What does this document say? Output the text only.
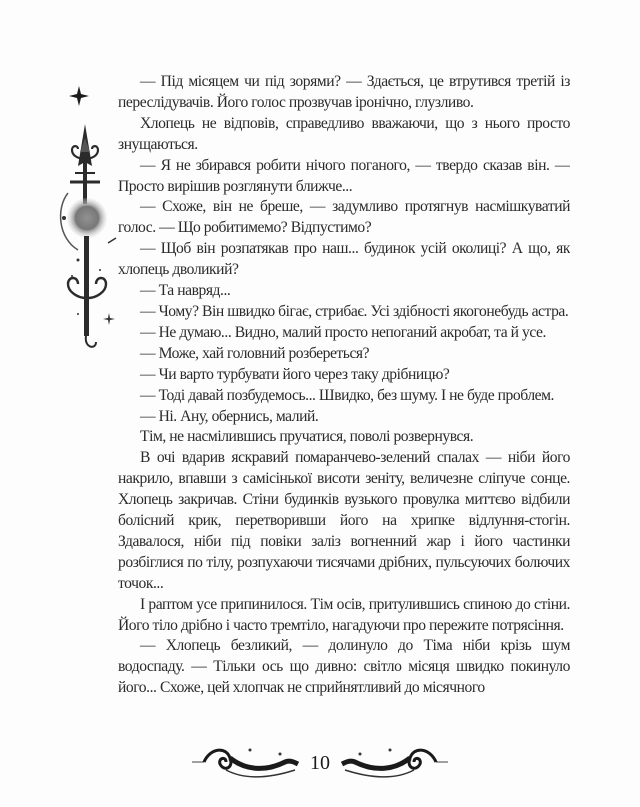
— Під місяцем чи під зорями? — Здається, це втрутився третій із переслідувачів. Його голос прозвучав іронічно, глузливо.

Хлопець не відповів, справедливо вважаючи, що з нього просто знущаються.

— Я не збирався робити нічого поганого, — твердо сказав він. — Просто вирішив розглянути ближче...

— Схоже, він не бреше, — задумливо протягнув насмішкуватий голос. — Що робитимемо? Відпустимо?

— Щоб він розпатякав про наш... будинок усій околиці? А що, як хлопець дволикий?

— Та навряд...

— Чому? Він швидко бігає, стрибає. Усі здібності якогонебудь астра.

— Не думаю... Видно, малий просто непоганий акробат, та й усе.

— Може, хай головний розбереться?

— Чи варто турбувати його через таку дрібницю?

— Тоді давай позбудемось... Швидко, без шуму. І не буде проблем.

— Ні. Ану, обернись, малий.

Тім, не насмілившись пручатися, поволі розвернувся.

В очі вдарив яскравий помаранчево-зелений спалах — ніби його накрило, впавши з самісінької висоти зеніту, величезне сліпуче сонце. Хлопець закричав. Стіни будинків вузького провулка миттєво відбили болісний крик, перетворивши його на хрипке відлуння-стогін. Здавалося, ніби під повіки заліз вогненний жар і його частинки розбіглися по тілу, розпухаючи тисячами дрібних, пульсуючих болючих точок...

І раптом усе припинилося. Тім осів, притулившись спиною до стіни. Його тіло дрібно і часто тремтіло, нагадуючи про пережите потрясіння.

— Хлопець безликий, — долинуло до Тіма ніби крізь шум водоспаду. — Тільки ось що дивно: світло місяця швидко покинуло його... Схоже, цей хлопчак не сприйнятливий до місячного

10
